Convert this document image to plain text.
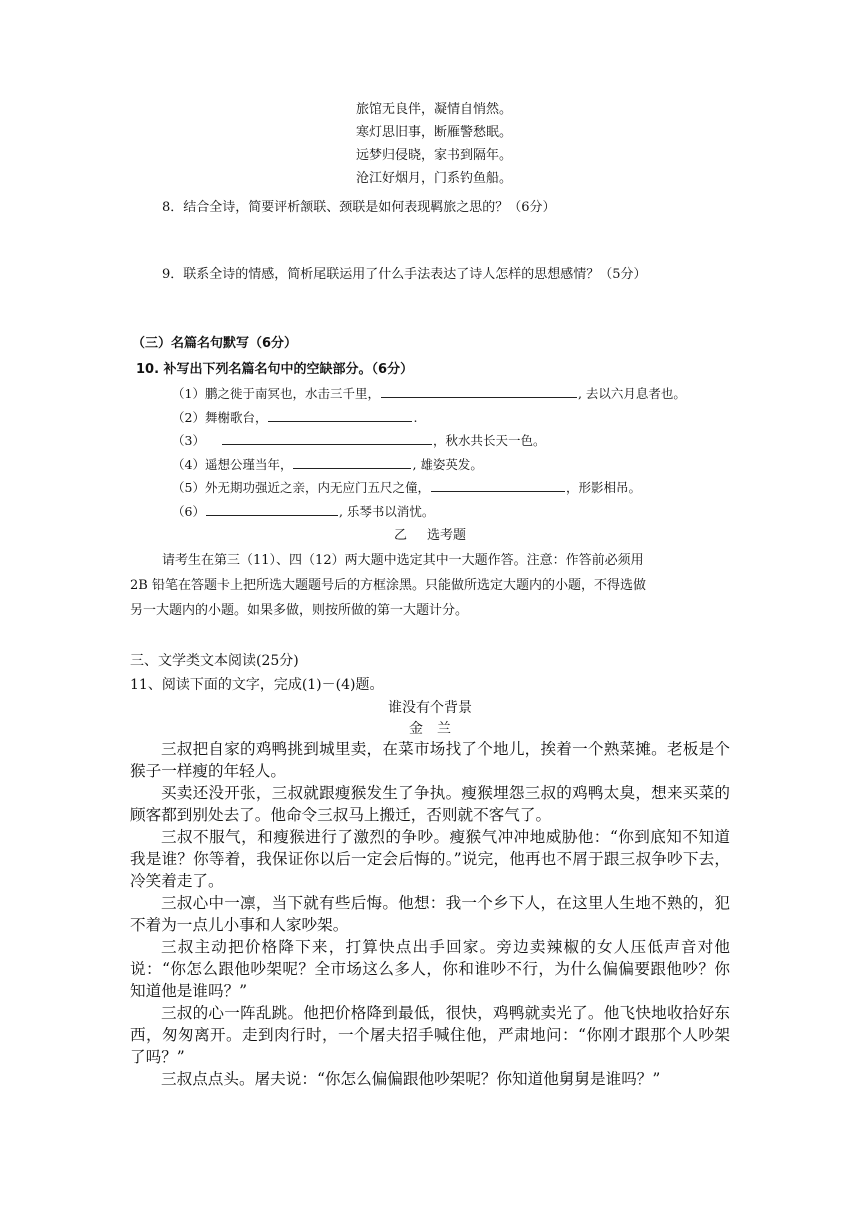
旅馆无良伴，凝情自悄然。
寒灯思旧事，断雁警愁眠。
远梦归侵晓，家书到隔年。
沧江好烟月，门系钓鱼船。
8．结合全诗，简要评析颔联、颈联是如何表现羁旅之思的？（6分）
9．联系全诗的情感，简析尾联运用了什么手法表达了诗人怎样的思想感情？（5分）
（三）名篇名句默写（6分）
10. 补写出下列名篇名句中的空缺部分。（6分）
（1）鹏之徙于南冥也，水击三千里，	, 去以六月息者也。
（2）舞榭歌台，	.
（3）	，秋水共长天一色。
（4）遥想公瑾当年，	, 雄姿英发。
（5）外无期功强近之亲，内无应门五尺之僮，	，形影相吊。
（6）	, 乐琴书以消忧。
乙 选考题
请考生在第三（11）、四（12）两大题中选定其中一大题作答。注意：作答前必须用
2B 铅笔在答题卡上把所选大题题号后的方框涂黑。只能做所选定大题内的小题，不得选做
另一大题内的小题。如果多做，则按所做的第一大题计分。
三、文学类文本阅读(25分)
11、阅读下面的文字，完成(1)－(4)题。
谁没有个背景
金兰

三叔把自家的鸡鸭挑到城里卖，在菜市场找了个地儿，挨着一个熟菜摊。老板是个猴子一样瘦的年轻人。

买卖还没开张，三叔就跟瘦猴发生了争执。瘦猴埋怨三叔的鸡鸭太臭，想来买菜的顾客都到别处去了。他命令三叔马上搬迁，否则就不客气了。

三叔不服气，和瘦猴进行了激烈的争吵。瘦猴气冲冲地威胁他：“你到底知不知道我是谁？你等着，我保证你以后一定会后悔的。”说完，他再也不屑于跟三叔争吵下去，冷笑着走了。

三叔心中一凛，当下就有些后悔。他想：我一个乡下人，在这里人生地不熟的，犯不着为一点儿小事和人家吵架。

三叔主动把价格降下来，打算快点出手回家。旁边卖辣椒的女人压低声音对他说：“你怎么跟他吵架呢？全市场这么多人，你和谁吵不行，为什么偏偏要跟他吵？你知道他是谁吗？”

三叔的心一阵乱跳。他把价格降到最低，很快，鸡鸭就卖光了。他飞快地收拾好东西，匆匆离开。走到肉行时，一个屠夫招手喊住他，严肃地问：“你刚才跟那个人吵架了吗？”

三叔点点头。屠夫说：“你怎么偏偏跟他吵架呢？你知道他舅舅是谁吗？”
